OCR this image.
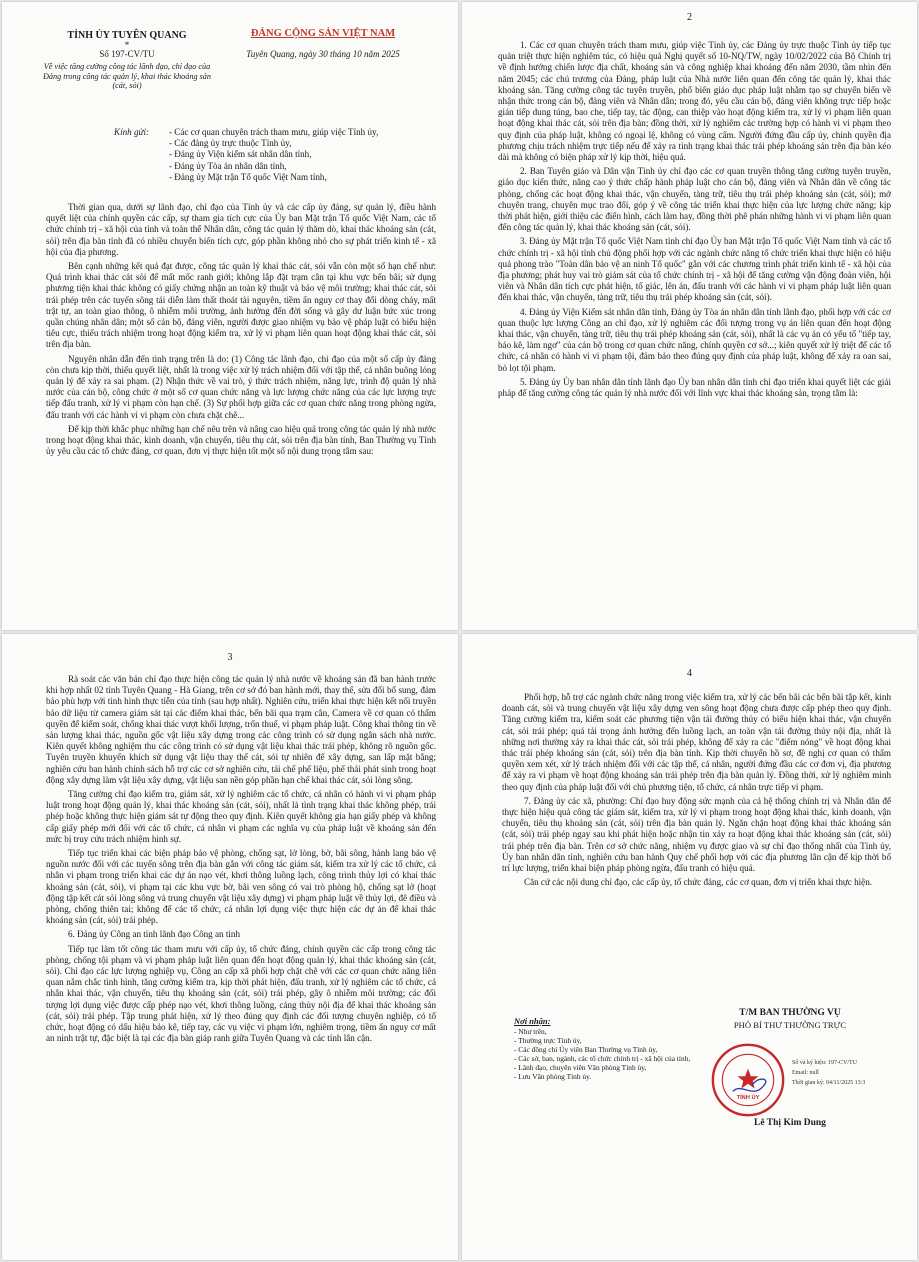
TỈNH ỦY TUYÊN QUANG
*
Số 197-CV/TU
Về việc tăng cường công tác lãnh đạo, chỉ đạo của Đảng trong công tác quản lý, khai thác khoáng sản (cát, sỏi)
ĐẢNG CỘNG SẢN VIỆT NAM
Tuyên Quang, ngày 30 tháng 10 năm 2025
Kính gửi: - Các cơ quan chuyên trách tham mưu, giúp việc Tỉnh ủy,
- Các đảng ủy trực thuộc Tỉnh ủy,
- Đảng ủy Viện kiểm sát nhân dân tỉnh,
- Đảng ủy Tòa án nhân dân tỉnh,
- Đảng ủy Mặt trận Tổ quốc Việt Nam tỉnh,

Thời gian qua, dưới sự lãnh đạo, chỉ đạo của Tỉnh ủy và các cấp ủy đảng, sự quản lý, điều hành quyết liệt của chính quyền các cấp, sự tham gia tích cực của Ủy ban Mặt trận Tổ quốc Việt Nam, các tổ chức chính trị - xã hội của tỉnh và toàn thể Nhân dân, công tác quản lý thăm dò, khai thác khoáng sản (cát, sỏi) trên địa bàn tỉnh đã có nhiều chuyển biến tích cực, góp phần không nhỏ cho sự phát triển kinh tế - xã hội của địa phương.

Bên cạnh những kết quả đạt được, công tác quản lý khai thác cát, sỏi vẫn còn một số hạn chế như: Quá trình khai thác cát sỏi để mất mốc ranh giới; không lắp đặt trạm cân tại khu vực bến bãi; sử dụng phương tiện khai thác không có giấy chứng nhận an toàn kỹ thuật và bảo vệ môi trường; khai thác cát, sỏi trái phép trên các tuyến sông tái diễn làm thất thoát tài nguyên, tiềm ẩn nguy cơ thay đổi dòng chảy, mất trật tự, an toàn giao thông, ô nhiễm môi trường, ảnh hưởng đến đời sống và gây dư luận bức xúc trong quần chúng nhân dân; một số cán bộ, đảng viên, người được giao nhiệm vụ bảo vệ pháp luật có biểu hiện tiêu cực, thiếu trách nhiệm trong hoạt động kiểm tra, xử lý vi phạm liên quan hoạt động khai thác cát, sỏi trên địa bàn.

Nguyên nhân dẫn đến tình trạng trên là do: (1) Công tác lãnh đạo, chỉ đạo của một số cấp ủy đảng còn chưa kịp thời, thiếu quyết liệt, nhất là trong việc xử lý trách nhiệm đối với tập thể, cá nhân buông lỏng quản lý để xảy ra sai phạm. (2) Nhận thức về vai trò, ý thức trách nhiệm, năng lực, trình độ quản lý nhà nước của cán bộ, công chức ở một số cơ quan chức năng và lực lượng chức năng của các lực lượng trực tiếp đấu tranh, xử lý vi phạm còn hạn chế. (3) Sự phối hợp giữa các cơ quan chức năng trong phòng ngừa, đấu tranh với các hành vi vi phạm còn chưa chặt chẽ...

Để kịp thời khắc phục những hạn chế nêu trên và nâng cao hiệu quả trong công tác quản lý nhà nước trong hoạt động khai thác, kinh doanh, vận chuyển, tiêu thụ cát, sỏi trên địa bàn tỉnh, Ban Thường vụ Tỉnh ủy yêu cầu các tổ chức đảng, cơ quan, đơn vị thực hiện tốt một số nội dung trọng tâm sau:

2

1. Các cơ quan chuyên trách tham mưu, giúp việc Tỉnh ủy, các Đảng ủy trực thuộc Tỉnh ủy tiếp tục quán triệt thực hiện nghiêm túc, có hiệu quả Nghị quyết số 10-NQ/TW, ngày 10/02/2022 của Bộ Chính trị về định hướng chiến lược địa chất, khoáng sản và công nghiệp khai khoáng đến năm 2030, tầm nhìn đến năm 2045; các chủ trương của Đảng, pháp luật của Nhà nước liên quan đến công tác quản lý, khai thác khoáng sản. Tăng cường công tác tuyên truyền, phổ biến giáo dục pháp luật nhằm tạo sự chuyển biến về nhận thức trong cán bộ, đảng viên và Nhân dân; trong đó, yêu cầu cán bộ, đảng viên không trực tiếp hoặc gián tiếp dung túng, bao che, tiếp tay, tác động, can thiệp vào hoạt động kiểm tra, xử lý vi phạm liên quan hoạt động khai thác cát, sỏi trên địa bàn; đồng thời, xử lý nghiêm các trường hợp có hành vi vi phạm theo quy định của pháp luật, không có ngoại lệ, không có vùng cấm. Người đứng đầu cấp ủy, chính quyền địa phương chịu trách nhiệm trực tiếp nếu để xảy ra tình trạng khai thác trái phép khoáng sản trên địa bàn kéo dài mà không có biện pháp xử lý kịp thời, hiệu quả.

2. Ban Tuyên giáo và Dân vận Tỉnh ủy chỉ đạo các cơ quan truyền thông tăng cường tuyên truyền, giáo dục kiến thức, nâng cao ý thức chấp hành pháp luật cho cán bộ, đảng viên và Nhân dân về công tác phòng, chống các hoạt động khai thác, vận chuyển, tàng trữ, tiêu thụ trái phép khoáng sản (cát, sỏi); mở chuyên trang, chuyên mục trao đổi, góp ý về công tác triển khai thực hiện của lực lượng chức năng; kịp thời phát hiện, giới thiệu các điển hình, cách làm hay, đồng thời phê phán những hành vi vi phạm liên quan đến công tác quản lý, khai thác khoáng sản (cát, sỏi).

3. Đảng ủy Mặt trận Tổ quốc Việt Nam tỉnh chỉ đạo Ủy ban Mặt trận Tổ quốc Việt Nam tỉnh và các tổ chức chính trị - xã hội tỉnh chủ động phối hợp với các ngành chức năng tổ chức triển khai thực hiện có hiệu quả phong trào "Toàn dân bảo vệ an ninh Tổ quốc" gắn với các chương trình phát triển kinh tế - xã hội của địa phương; phát huy vai trò giám sát của tổ chức chính trị - xã hội để tăng cường vận động đoàn viên, hội viên và Nhân dân tích cực phát hiện, tố giác, lên án, đấu tranh với các hành vi vi phạm pháp luật liên quan đến khai thác, vận chuyển, tàng trữ, tiêu thụ trái phép khoáng sản (cát, sỏi).

4. Đảng ủy Viện Kiểm sát nhân dân tỉnh, Đảng ủy Tòa án nhân dân tỉnh lãnh đạo, phối hợp với các cơ quan thuộc lực lượng Công an chỉ đạo, xử lý nghiêm các đối tượng trong vụ án liên quan đến hoạt động khai thác, vận chuyển, tàng trữ, tiêu thụ trái phép khoáng sản (cát, sỏi), nhất là các vụ án có yếu tố "tiếp tay, bảo kê, làm ngơ" của cán bộ trong cơ quan chức năng, chính quyền cơ sở...; kiên quyết xử lý triệt để các tổ chức, cá nhân có hành vi vi phạm tội, đảm bảo theo đúng quy định của pháp luật, không để xảy ra oan sai, bỏ lọt tội phạm.

5. Đảng ủy Ủy ban nhân dân tỉnh lãnh đạo Ủy ban nhân dân tỉnh chỉ đạo triển khai quyết liệt các giải pháp để tăng cường công tác quản lý nhà nước đối với lĩnh vực khai thác khoáng sản, trọng tâm là:

3

Rà soát các văn bản chỉ đạo thực hiện công tác quản lý nhà nước về khoáng sản đã ban hành trước khi hợp nhất 02 tỉnh Tuyên Quang - Hà Giang, trên cơ sở đó ban hành mới, thay thế, sửa đổi bổ sung, đảm bảo phù hợp với tình hình thực tiễn của tỉnh (sau hợp nhất). Nghiên cứu, triển khai thực hiện kết nối truyền bảo dữ liệu từ camera giám sát tại các điểm khai thác, bến bãi qua trạm cân, Camera về cơ quan có thẩm quyền để kiểm soát, chống khai thác vượt khối lượng, trốn thuế, vi phạm pháp luật. Công khai thông tin về sản lượng khai thác, nguồn gốc vật liệu xây dựng trong các công trình có sử dụng ngân sách nhà nước. Kiên quyết không nghiệm thu các công trình có sử dụng vật liệu khai thác trái phép, không rõ nguồn gốc. Tuyên truyền khuyến khích sử dụng vật liệu thay thế cát, sỏi tự nhiên để xây dựng, san lấp mặt bằng; nghiên cứu ban hành chính sách hỗ trợ các cơ sở nghiên cứu, tái chế phế liệu, phế thải phát sinh trong hoạt động xây dựng làm vật liệu xây dựng, vật liệu san nền góp phần hạn chế khai thác cát, sỏi lòng sông.

Tăng cường chỉ đạo kiểm tra, giám sát, xử lý nghiêm các tổ chức, cá nhân có hành vi vi phạm pháp luật trong hoạt động quản lý, khai thác khoáng sản (cát, sỏi), nhất là tình trạng khai thác không phép, trái phép hoặc không thực hiện giám sát tự động theo quy định. Kiên quyết không gia hạn giấy phép và không cấp giấy phép mới đối với các tổ chức, cá nhân vi phạm các nghĩa vụ của pháp luật về khoáng sản đến mức bị truy cứu trách nhiệm hình sự.

Tiếp tục triển khai các biện pháp bảo vệ phòng, chống sạt, lở lòng, bờ, bãi sông, hành lang bảo vệ nguồn nước đối với các tuyến sông trên địa bàn gắn với công tác giám sát, kiểm tra xử lý các tổ chức, cá nhân vi phạm trong triển khai các dự án nạo vét, khơi thông luồng lạch, công trình thủy lợi có khai thác khoáng sản (cát, sỏi), vi phạm tại các khu vực bờ, bãi ven sông có vai trò phòng hộ, chống sạt lở (hoạt động tập kết cát sỏi lòng sông và trung chuyển vật liệu xây dựng) vi phạm pháp luật về thủy lợi, đê điều và phòng, chống thiên tai; không để các tổ chức, cá nhân lợi dụng việc thực hiện các dự án để khai thác khoáng sản (cát, sỏi) trái phép.

6. Đảng ủy Công an tỉnh lãnh đạo Công an tỉnh

Tiếp tục làm tốt công tác tham mưu với cấp ủy, tổ chức đảng, chính quyền các cấp trong công tác phòng, chống tội phạm và vi phạm pháp luật liên quan đến hoạt động quản lý, khai thác khoáng sản (cát, sỏi). Chỉ đạo các lực lượng nghiệp vụ, Công an cấp xã phối hợp chặt chẽ với các cơ quan chức năng liên quan nắm chắc tình hình, tăng cường kiểm tra, kịp thời phát hiện, đấu tranh, xử lý nghiêm các tổ chức, cá nhân khai thác, vận chuyển, tiêu thụ khoáng sản (cát, sỏi) trái phép, gây ô nhiễm môi trường; các đối tượng lợi dụng việc được cấp phép nạo vét, khơi thông luồng, cảng thủy nội địa để khai thác khoáng sản (cát, sỏi) trái phép. Tập trung phát hiện, xử lý theo đúng quy định các đối tượng chuyên nghiệp, có tổ chức, hoạt động có dấu hiệu bảo kê, tiếp tay, các vụ việc vi phạm lớn, nghiêm trọng, tiềm ẩn nguy cơ mất an ninh trật tự, đặc biệt là tại các địa bàn giáp ranh giữa Tuyên Quang và các tỉnh lân cận.

4

Phối hợp, hỗ trợ các ngành chức năng trong việc kiểm tra, xử lý các bến bãi các bến bãi tập kết, kinh doanh cát, sỏi và trung chuyển vật liệu xây dựng ven sông hoạt động chưa được cấp phép theo quy định. Tăng cường kiểm tra, kiểm soát các phương tiện vận tải đường thủy có biểu hiện khai thác, vận chuyển cát, sỏi trái phép; quá tải trọng ảnh hưởng đến luồng lạch, an toàn vận tải đường thủy nội địa, nhất là những nơi thường xảy ra khai thác cát, sỏi trái phép, không để xảy ra các "điểm nóng" về hoạt động khai thác trái phép khoáng sản (cát, sỏi) trên địa bàn tỉnh. Kịp thời chuyển hồ sơ, đề nghị cơ quan có thẩm quyền xem xét, xử lý trách nhiệm đối với các tập thể, cá nhân, người đứng đầu các cơ đơn vị, địa phương để xảy ra vi phạm về hoạt động khoáng sản trái phép trên địa bàn quản lý. Đồng thời, xử lý nghiêm minh theo quy định của pháp luật đối với chủ phương tiện, tổ chức, cá nhân trực tiếp vi phạm.

7. Đảng ủy các xã, phường: Chỉ đạo huy động sức mạnh của cả hệ thống chính trị và Nhân dân để thực hiện hiệu quả công tác giám sát, kiểm tra, xử lý vi phạm trong hoạt động khai thác, kinh doanh, vận chuyển, tiêu thụ khoáng sản (cát, sỏi) trên địa bàn quản lý. Ngăn chặn hoạt động khai thác khoáng sản (cát, sỏi) trái phép ngay sau khi phát hiện hoặc nhận tin xảy ra hoạt động khai thác khoáng sản (cát, sỏi) trái phép trên địa bàn. Trên cơ sở chức năng, nhiệm vụ được giao và sự chỉ đạo thống nhất của Tỉnh ủy, Ủy ban nhân dân tỉnh, nghiên cứu ban hành Quy chế phối hợp với các địa phương lân cận để kịp thời bố trí lực lượng, triển khai biện pháp phòng ngừa, đấu tranh có hiệu quả.

Căn cứ các nội dung chỉ đạo, các cấp ủy, tổ chức đảng, các cơ quan, đơn vị triển khai thực hiện.

Nơi nhận:
- Như trên,
- Thường trực Tỉnh ủy,
- Các đồng chí Ủy viên Ban Thường vụ Tỉnh ủy,
- Các sở, ban, ngành, các tổ chức chính trị - xã hội của tỉnh,
- Lãnh đạo, chuyên viên Văn phòng Tỉnh ủy,
- Lưu Văn phòng Tỉnh ủy.
T/M BAN THƯỜNG VỤ
PHÓ BÍ THƯ THƯỜNG TRỰC
Lê Thị Kim Dung
TỈNH ỦY
Số và ký hiệu: 197-CV/TU
Email: null
Thời gian ký: 04/11/2025 13:3
